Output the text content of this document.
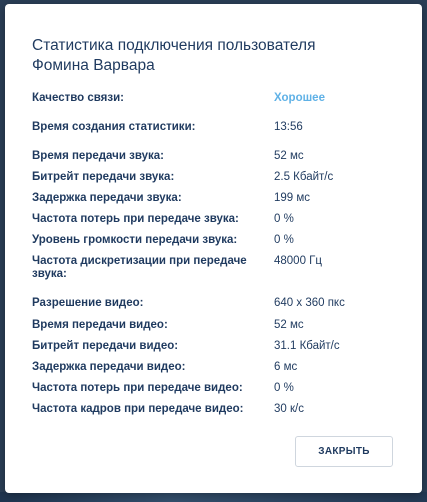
Статистика подключения пользователя
Фомина Варвара
Качество связи:	Хорошее
Время создания статистики:	13:56
Время передачи звука:	52 мс
Битрейт передачи звука:	2.5 Кбайт/с
Задержка передачи звука:	199 мс
Частота потерь при передаче звука:	0 %
Уровень громкости передачи звука:	0 %
Частота дискретизации при передаче звука:
48000 Гц
Разрешение видео:	640 x 360 пкс
Время передачи видео:	52 мс
Битрейт передачи видео:	31.1 Кбайт/с
Задержка передачи видео:	6 мс
Частота потерь при передаче видео:	0 %
Частота кадров при передаче видео:	30 к/с
ЗАКРЫТЬ
